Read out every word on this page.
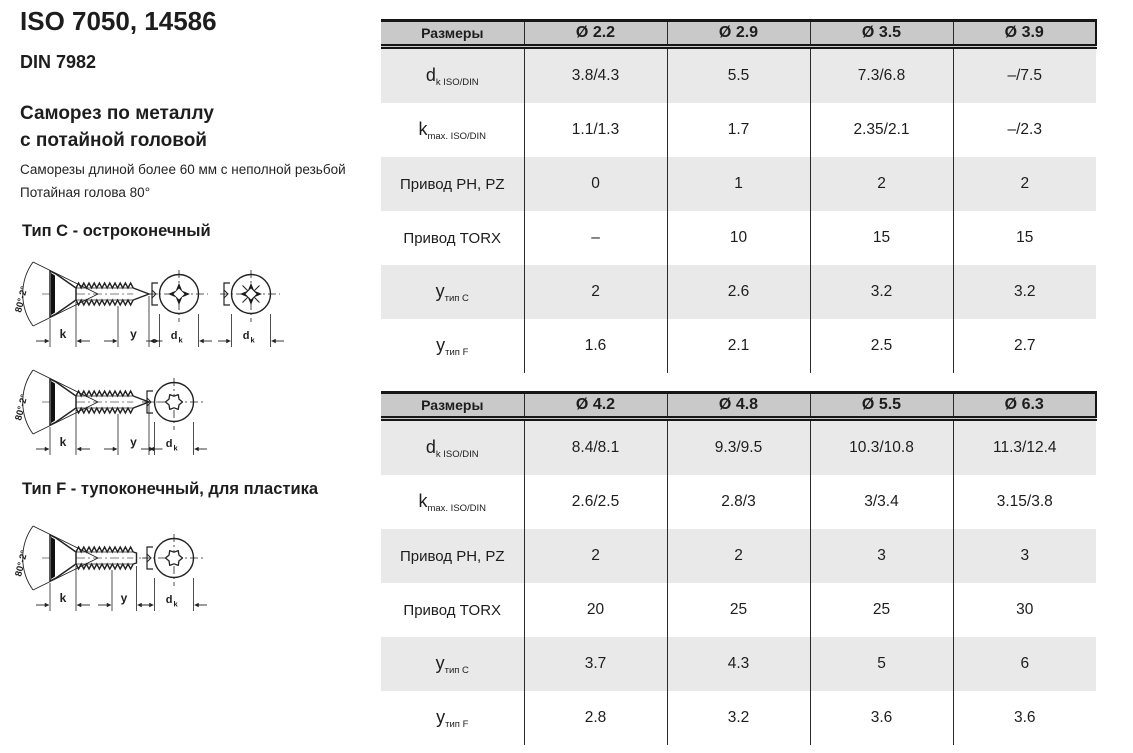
ISO 7050, 14586
DIN 7982
Саморез по металлу
с потайной головой
Саморезы длиной более 60 мм с неполной резьбой
Потайная голова 80°
Тип C - остроконечный
Тип F - тупоконечный, для пластика
80°-2°
k	y	d k	d k
80°-2°
k	y	d k
80°-2°
k	y	d k
Размеры	Ø 2.2	Ø 2.9	Ø 3.5	Ø 3.9
$d_{k ISO/DIN}$	3.8/4.3	5.5	7.3/6.8	–/7.5
$k_{max. ISO/DIN}$	1.1/1.3	1.7	2.35/2.1	–/2.3
Привод PH, PZ	0	1	2	2
Привод TORX	–	10	15	15
$y_{тип C}$	2	2.6	3.2	3.2
$y_{тип F}$	1.6	2.1	2.5	2.7
Размеры	Ø 4.2	Ø 4.8	Ø 5.5	Ø 6.3
$d_{k ISO/DIN}$	8.4/8.1	9.3/9.5	10.3/10.8	11.3/12.4
$k_{max. ISO/DIN}$	2.6/2.5	2.8/3	3/3.4	3.15/3.8
Привод PH, PZ	2	2	3	3
Привод TORX	20	25	25	30
$y_{тип C}$	3.7	4.3	5	6
$y_{тип F}$	2.8	3.2	3.6	3.6
